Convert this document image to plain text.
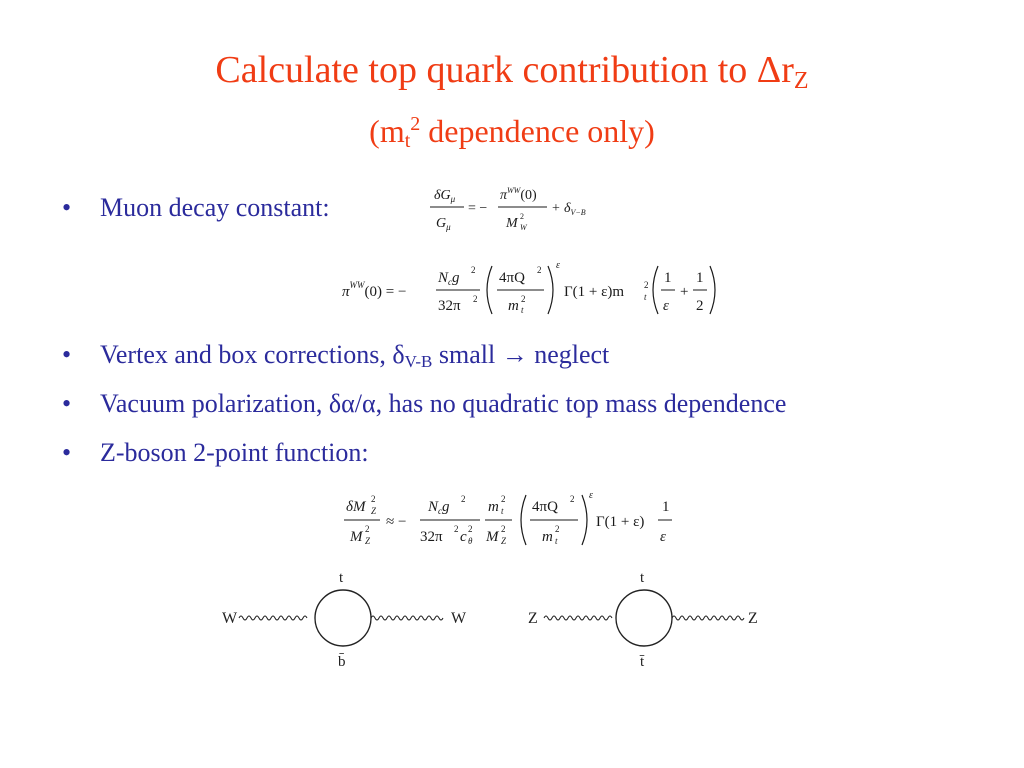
Calculate top quark contribution to $\Delta r_Z$
($m_t^2$ dependence only)
• Muon decay constant:	$\delta G_\mu$
$G_\mu$
= −
$\pi^{WW}(0)$
M 2
W
+ $\delta_{V-B}$
$\pi^{WW}(0)$ = −
$N_cg$ 2
32π 2
4πQ 2
m 2
t
ε
Γ(1 + ε)m 2
t
1
ε
+
1
2
• Vertex and box corrections, $\delta_{V-B}$ small → neglect
• Vacuum polarization, δα/α, has no quadratic top mass dependence
• Z-boson 2-point function:
δM 2
Z
M 2
Z
≈ −
$N_cg$ 2
32π 2 c 2
θ
m 2
t
M 2
Z
4πQ 2
m 2
t
ε
Γ(1 + ε)
1
ε
W	W
t
b̄
Z	Z
t
t̄
